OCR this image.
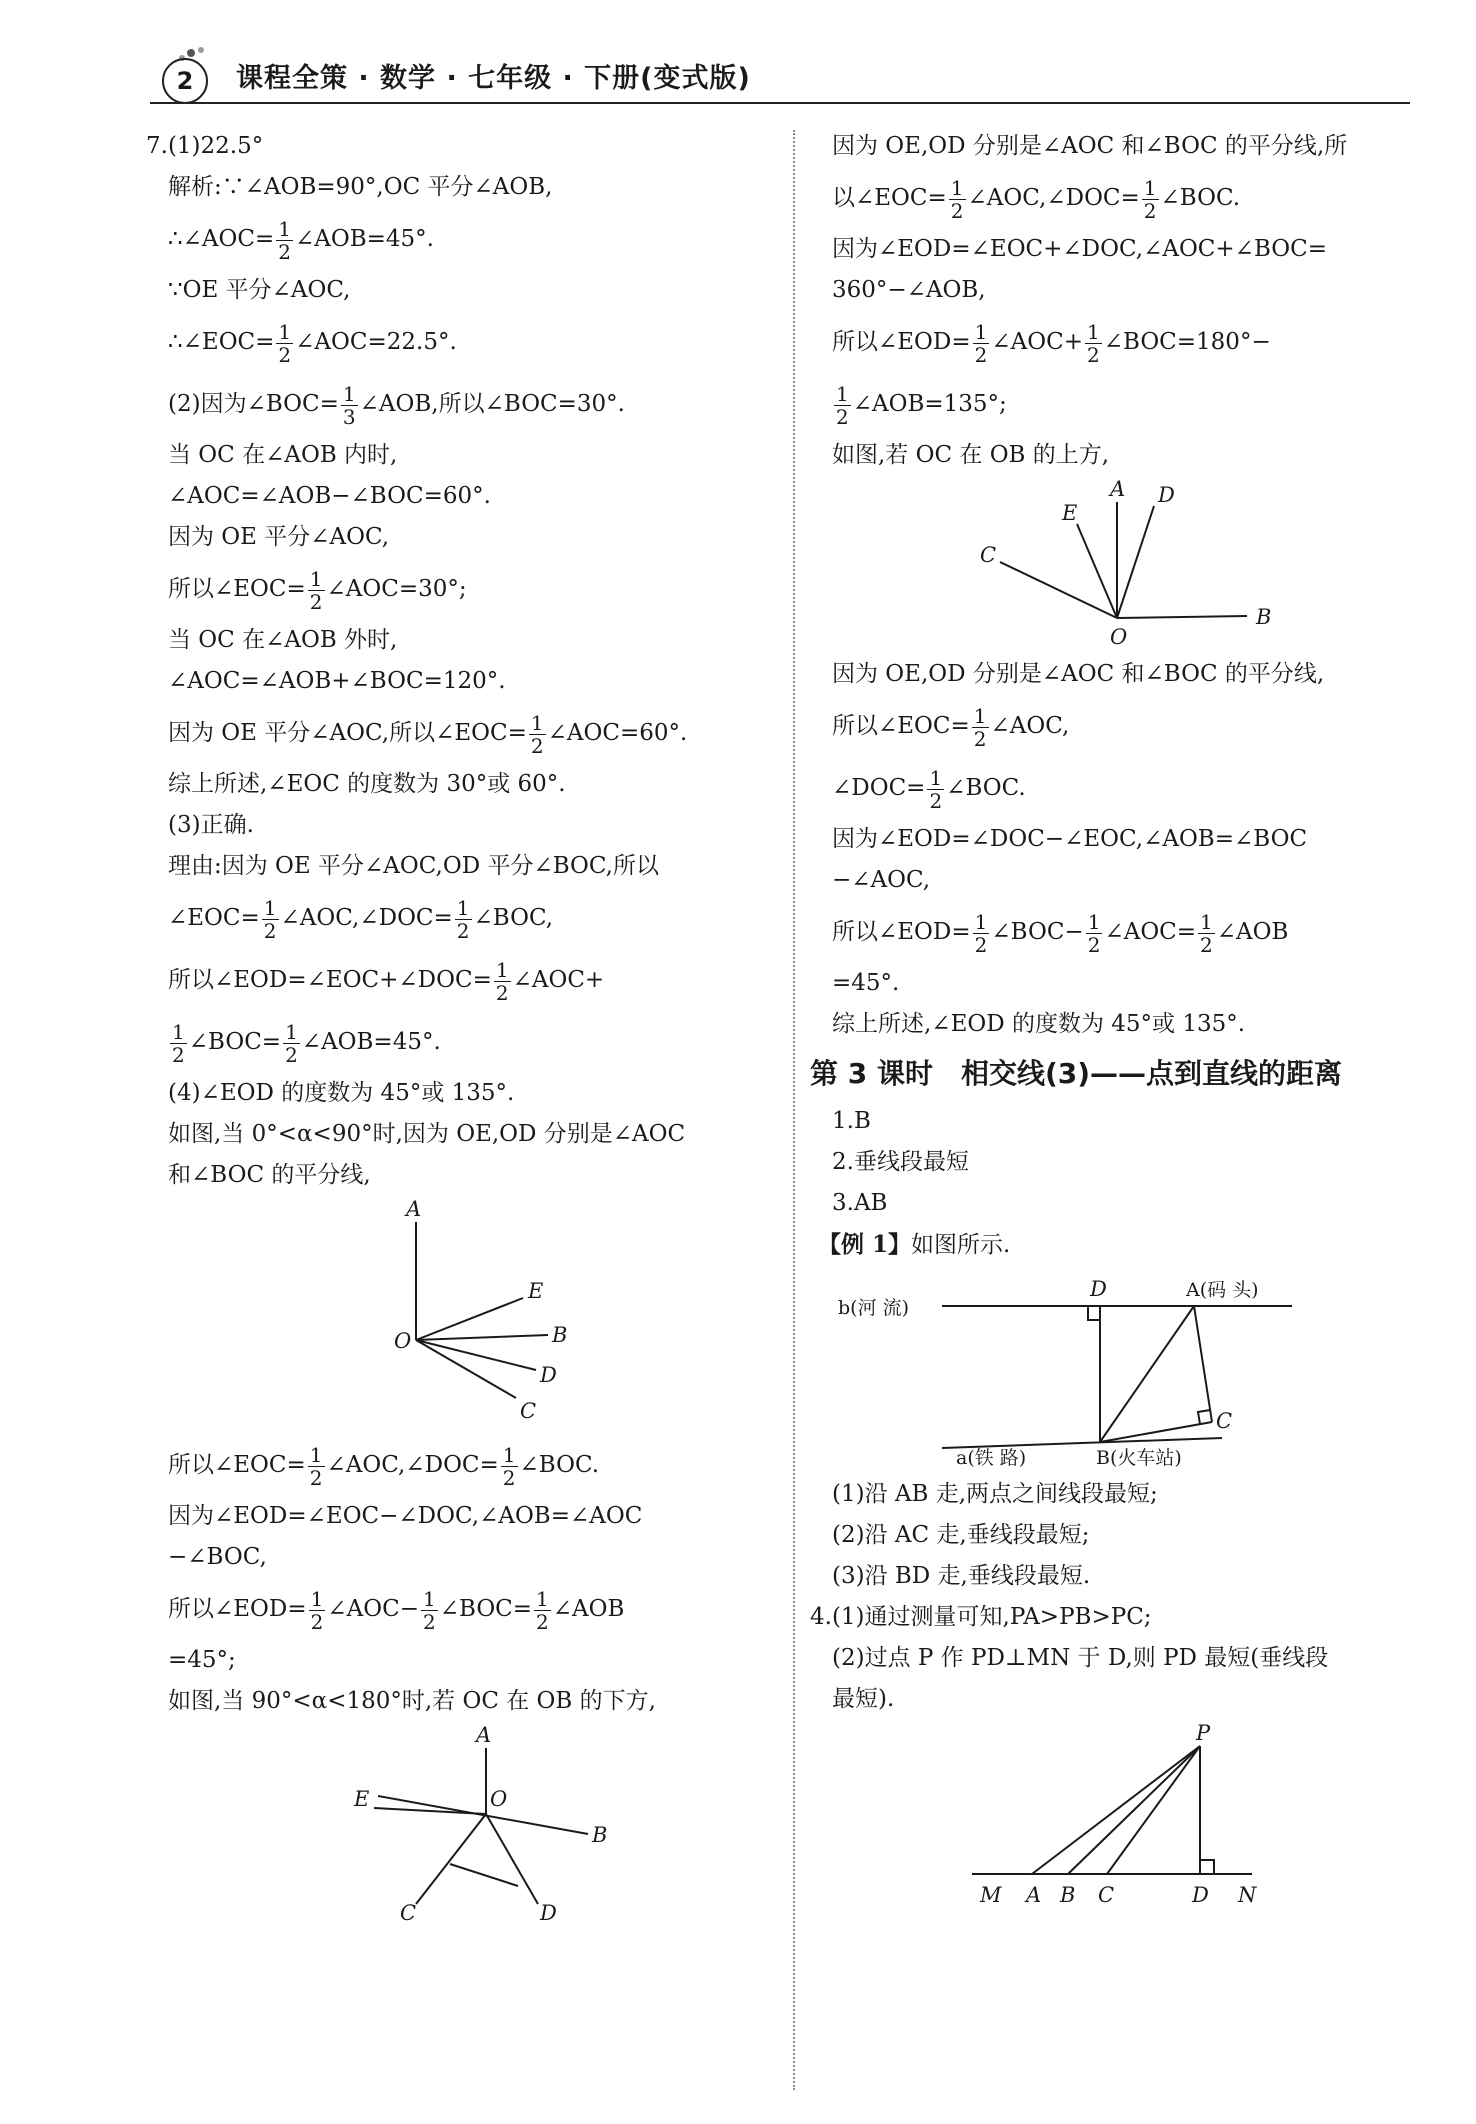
2	课程全策 · 数学 · 七年级 · 下册(变式版)
7.(1)22.5°
解析:∵∠AOB=90°,OC 平分∠AOB,
∴∠AOC= $\frac{1}{2}$ ∠AOB=45°.
∵OE 平分∠AOC,
∴∠EOC= $\frac{1}{2}$ ∠AOC=22.5°.
(2)因为∠BOC= $\frac{1}{3}$ ∠AOB,所以∠BOC=30°.
当 OC 在∠AOB 内时,
∠AOC=∠AOB−∠BOC=60°.
因为 OE 平分∠AOC,
所以∠EOC= $\frac{1}{2}$ ∠AOC=30°;
当 OC 在∠AOB 外时,
∠AOC=∠AOB+∠BOC=120°.
因为 OE 平分∠AOC,所以∠EOC= $\frac{1}{2}$ ∠AOC=60°.
综上所述,∠EOC 的度数为 30°或 60°.
(3)正确.
理由:因为 OE 平分∠AOC,OD 平分∠BOC,所以
∠EOC= $\frac{1}{2}$ ∠AOC,∠DOC= $\frac{1}{2}$ ∠BOC,
所以∠EOD=∠EOC+∠DOC= $\frac{1}{2}$ ∠AOC+
$\frac{1}{2}$ ∠BOC= $\frac{1}{2}$ ∠AOB=45°.
(4)∠EOD 的度数为 45°或 135°.
如图,当 0°<α<90°时,因为 OE,OD 分别是∠AOC
和∠BOC 的平分线,
A
O
E
B
D
C
所以∠EOC= $\frac{1}{2}$ ∠AOC,∠DOC= $\frac{1}{2}$ ∠BOC.
因为∠EOD=∠EOC−∠DOC,∠AOB=∠AOC
−∠BOC,
所以∠EOD= $\frac{1}{2}$ ∠AOC− $\frac{1}{2}$ ∠BOC= $\frac{1}{2}$ ∠AOB
=45°;
如图,当 90°<α<180°时,若 OC 在 OB 的下方,
A
E	O
B
C	D
因为 OE,OD 分别是∠AOC 和∠BOC 的平分线,所
以∠EOC= $\frac{1}{2}$ ∠AOC,∠DOC= $\frac{1}{2}$ ∠BOC.
因为∠EOD=∠EOC+∠DOC,∠AOC+∠BOC=
360°−∠AOB,
所以∠EOD= $\frac{1}{2}$ ∠AOC+ $\frac{1}{2}$ ∠BOC=180°−
$\frac{1}{2}$ ∠AOB=135°;
如图,若 OC 在 OB 的上方,
A D
E
C
O
B
因为 OE,OD 分别是∠AOC 和∠BOC 的平分线,
所以∠EOC= $\frac{1}{2}$ ∠AOC,
∠DOC= $\frac{1}{2}$ ∠BOC.
因为∠EOD=∠DOC−∠EOC,∠AOB=∠BOC
−∠AOC,
所以∠EOD= $\frac{1}{2}$ ∠BOC− $\frac{1}{2}$ ∠AOC= $\frac{1}{2}$ ∠AOB
=45°.
综上所述,∠EOD 的度数为 45°或 135°.
第 3 课时　相交线(3)——点到直线的距离
1.B
2.垂线段最短
3.AB
【例 1】如图所示.
b(河 流)
D	A(码 头)
C
a(铁 路)	B(火车站)
(1)沿 AB 走,两点之间线段最短;
(2)沿 AC 走,垂线段最短;
(3)沿 BD 走,垂线段最短.
4.(1)通过测量可知,PA>PB>PC;
(2)过点 P 作 PD⊥MN 于 D,则 PD 最短(垂线段
最短).
P
M A B C	D N
